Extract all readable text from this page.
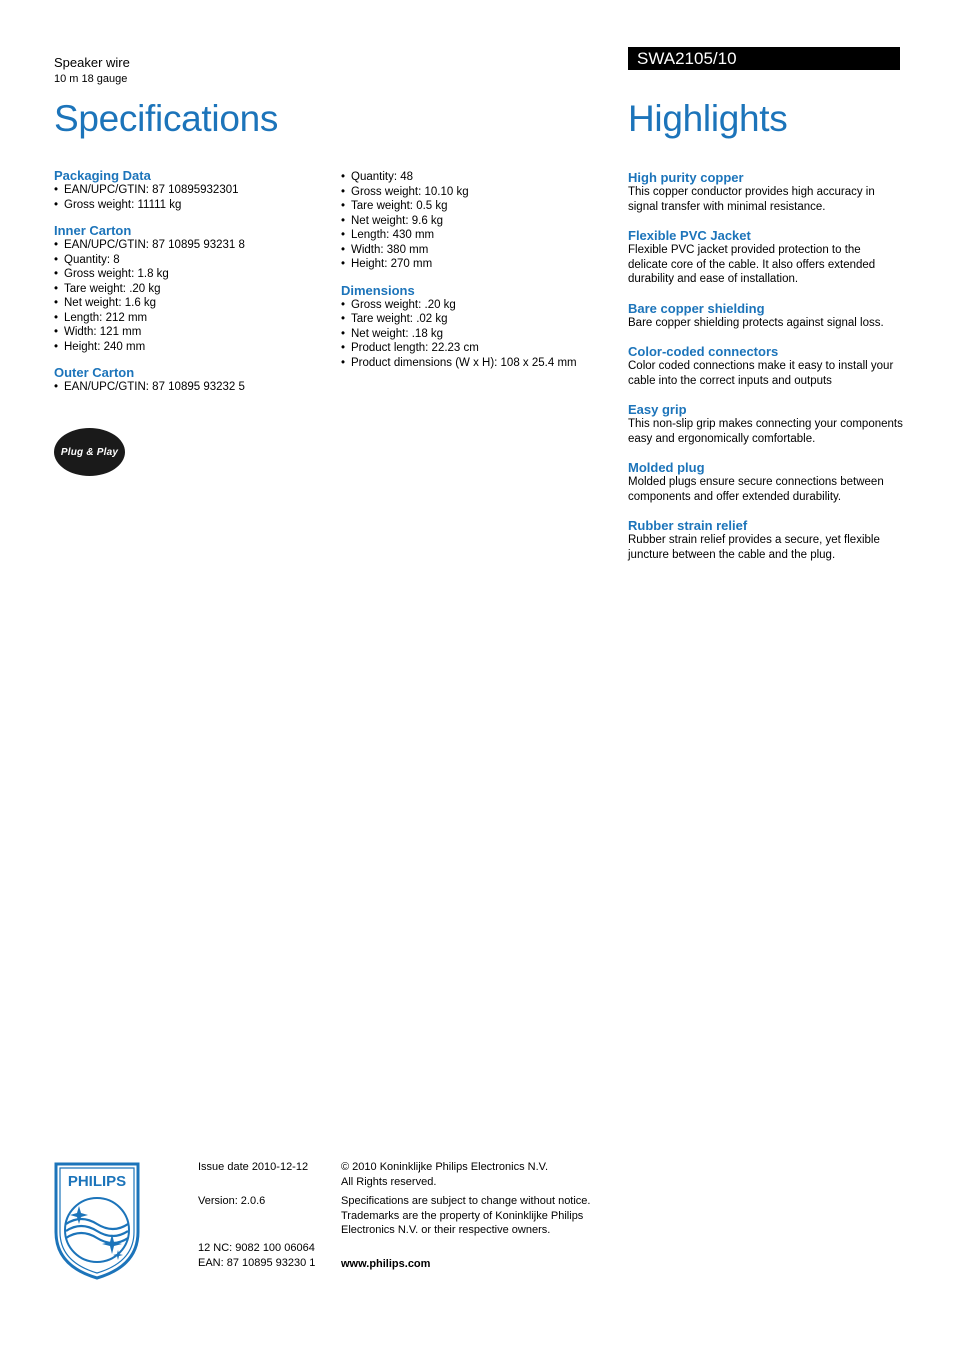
Speaker wire
10 m 18 gauge
Specifications
SWA2105/10
Highlights
Packaging Data
• EAN/UPC/GTIN: 87 10895932301
• Gross weight: 11111 kg
Inner Carton
• EAN/UPC/GTIN: 87 10895 93231 8
• Quantity: 8
• Gross weight: 1.8 kg
• Tare weight: .20 kg
• Net weight: 1.6 kg
• Length: 212 mm
• Width: 121 mm
• Height: 240 mm
Outer Carton
• EAN/UPC/GTIN: 87 10895 93232 5
Plug & Play
• Quantity: 48
• Gross weight: 10.10 kg
• Tare weight: 0.5 kg
• Net weight: 9.6 kg
• Length: 430 mm
• Width: 380 mm
• Height: 270 mm
Dimensions
• Gross weight: .20 kg
• Tare weight: .02 kg
• Net weight: .18 kg
• Product length: 22.23 cm
• Product dimensions (W x H): 108 x 25.4 mm
High purity copper

This copper conductor provides high accuracy in signal transfer with minimal resistance.

Flexible PVC Jacket

Flexible PVC jacket provided protection to the delicate core of the cable. It also offers extended durability and ease of installation.

Bare copper shielding

Bare copper shielding protects against signal loss.

Color-coded connectors

Color coded connections make it easy to install your cable into the correct inputs and outputs

Easy grip

This non-slip grip makes connecting your components easy and ergonomically comfortable.

Molded plug

Molded plugs ensure secure connections between components and offer extended durability.

Rubber strain relief

Rubber strain relief provides a secure, yet flexible juncture between the cable and the plug.

PHILIPS

Issue date 2010-12-12

Version: 2.0.6

12 NC: 9082 100 06064

EAN: 87 10895 93230 1

© 2010 Koninklijke Philips Electronics N.V.

All Rights reserved.

Specifications are subject to change without notice.

Trademarks are the property of Koninklijke Philips

Electronics N.V. or their respective owners.

www.philips.com
